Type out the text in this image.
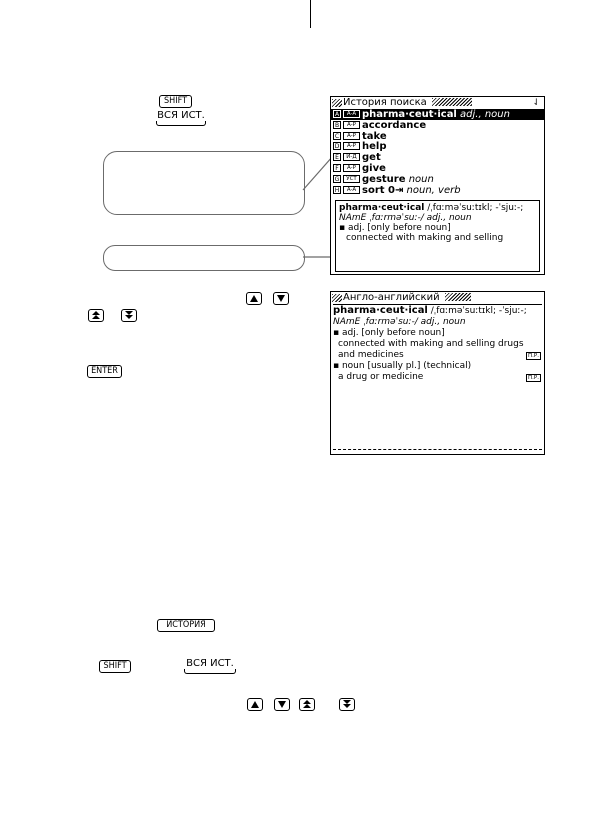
SHIFT
ВСЯ ИСТ.
История поиска	⇃
A	A-A pharma·ceut·ical adj., noun
B	A-P accordance
C	A-P take
D	A-P help
E	И-Д get
F	A-P give
G	УСТ gesture noun
H	A-A sort 0⇥ noun, verb
pharma·ceut·ical /ˌfɑːməˈsuːtɪkl; -ˈsjuː-;
NAmE ˌfɑːrməˈsuː-/ adj., noun
▪ adj. [only before noun]
connected with making and selling
ENTER
Англо-английский
pharma·ceut·ical /ˌfɑːməˈsuːtɪkl; -ˈsjuː-;
NAmE ˌfɑːrməˈsuː-/ adj., noun
▪ adj. [only before noun]
connected with making and selling drugs
and medicines	П.Р.
▪ noun [usually pl.] (technical)
a drug or medicine	П.Р.
ИСТОРИЯ
SHIFT	ВСЯ ИСТ.
